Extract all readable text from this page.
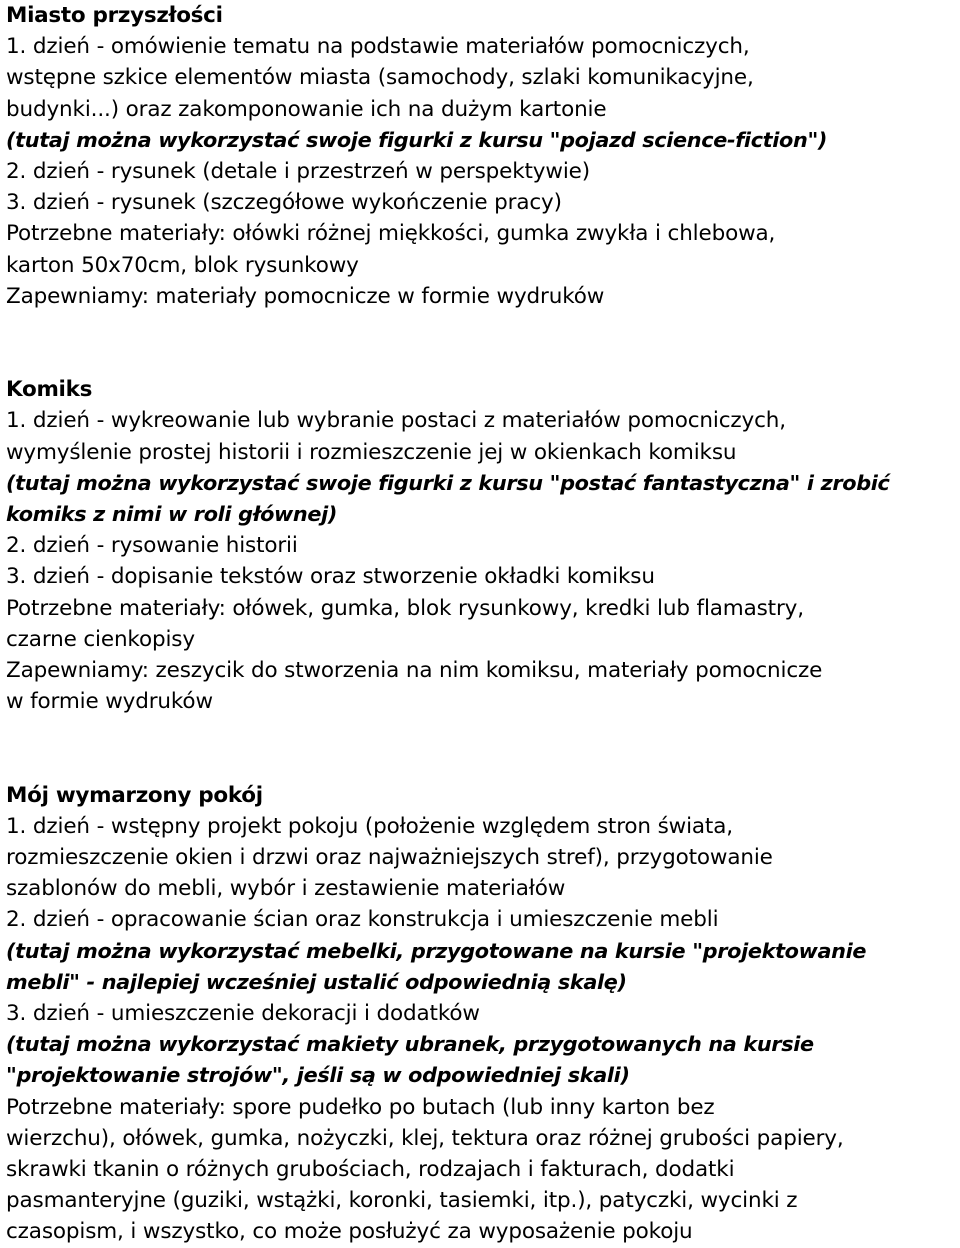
Miasto przyszłości
1. dzień - omówienie tematu na podstawie materiałów pomocniczych,
wstępne szkice elementów miasta (samochody, szlaki komunikacyjne,
budynki...) oraz zakomponowanie ich na dużym kartonie
(tutaj można wykorzystać swoje figurki z kursu "pojazd science-fiction")
2. dzień - rysunek (detale i przestrzeń w perspektywie)
3. dzień - rysunek (szczegółowe wykończenie pracy)
Potrzebne materiały: ołówki różnej miękkości, gumka zwykła i chlebowa,
karton 50x70cm, blok rysunkowy
Zapewniamy: materiały pomocnicze w formie wydruków
Komiks
1. dzień - wykreowanie lub wybranie postaci z materiałów pomocniczych,
wymyślenie prostej historii i rozmieszczenie jej w okienkach komiksu
(tutaj można wykorzystać swoje figurki z kursu "postać fantastyczna" i zrobić
komiks z nimi w roli głównej)
2. dzień - rysowanie historii
3. dzień - dopisanie tekstów oraz stworzenie okładki komiksu
Potrzebne materiały: ołówek, gumka, blok rysunkowy, kredki lub flamastry,
czarne cienkopisy
Zapewniamy: zeszycik do stworzenia na nim komiksu, materiały pomocnicze
w formie wydruków
Mój wymarzony pokój
1. dzień - wstępny projekt pokoju (położenie względem stron świata,
rozmieszczenie okien i drzwi oraz najważniejszych stref), przygotowanie
szablonów do mebli, wybór i zestawienie materiałów
2. dzień - opracowanie ścian oraz konstrukcja i umieszczenie mebli
(tutaj można wykorzystać mebelki, przygotowane na kursie "projektowanie
mebli" - najlepiej wcześniej ustalić odpowiednią skalę)
3. dzień - umieszczenie dekoracji i dodatków
(tutaj można wykorzystać makiety ubranek, przygotowanych na kursie
"projektowanie strojów", jeśli są w odpowiedniej skali)
Potrzebne materiały: spore pudełko po butach (lub inny karton bez
wierzchu), ołówek, gumka, nożyczki, klej, tektura oraz różnej grubości papiery,
skrawki tkanin o różnych grubościach, rodzajach i fakturach, dodatki
pasmanteryjne (guziki, wstążki, koronki, tasiemki, itp.), patyczki, wycinki z
czasopism, i wszystko, co może posłużyć za wyposażenie pokoju
